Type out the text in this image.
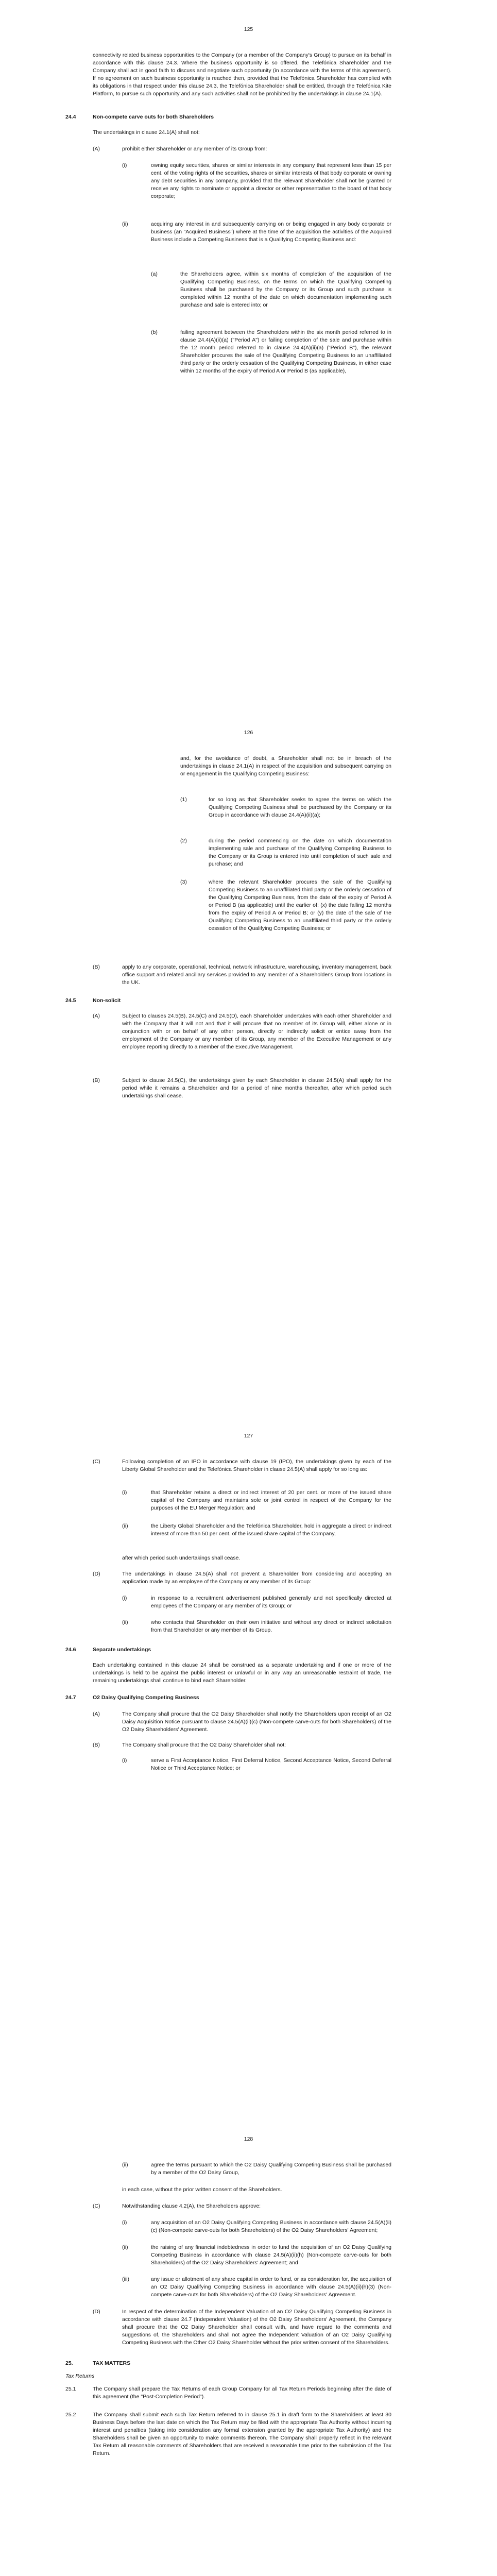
125

connectivity related business opportunities to the Company (or a member of the Company's Group) to pursue on its behalf in accordance with this clause 24.3. Where the business opportunity is so offered, the Telefónica Shareholder and the Company shall act in good faith to discuss and negotiate such opportunity (in accordance with the terms of this agreement). If no agreement on such business opportunity is reached then, provided that the Telefónica Shareholder has complied with its obligations in that respect under this clause 24.3, the Telefónica Shareholder shall be entitled, through the Telefónica Kite Platform, to pursue such opportunity and any such activities shall not be prohibited by the undertakings in clause 24.1(A).

24.4	Non-compete carve outs for both Shareholders

The undertakings in clause 24.1(A) shall not:

(A)	prohibit either Shareholder or any member of its Group from:

(i)	owning equity securities, shares or similar interests in any company that represent less than 15 per cent. of the voting rights of the securities, shares or similar interests of that body corporate or owning any debt securities in any company, provided that the relevant Shareholder shall not be granted or receive any rights to nominate or appoint a director or other representative to the board of that body corporate;

(ii)	acquiring any interest in and subsequently carrying on or being engaged in any body corporate or business (an "Acquired Business") where at the time of the acquisition the activities of the Acquired Business include a Competing Business that is a Qualifying Competing Business and:

(a)	the Shareholders agree, within six months of completion of the acquisition of the Qualifying Competing Business, on the terms on which the Qualifying Competing Business shall be purchased by the Company or its Group and such purchase is completed within 12 months of the date on which documentation implementing such purchase and sale is entered into; or

(b)	failing agreement between the Shareholders within the six month period referred to in clause 24.4(A)(ii)(a) ("Period A") or failing completion of the sale and purchase within the 12 month period referred to in clause 24.4(A)(ii)(a) ("Period B"), the relevant Shareholder procures the sale of the Qualifying Competing Business to an unaffiliated third party or the orderly cessation of the Qualifying Competing Business, in either case within 12 months of the expiry of Period A or Period B (as applicable),

126

and, for the avoidance of doubt, a Shareholder shall not be in breach of the undertakings in clause 24.1(A) in respect of the acquisition and subsequent carrying on or engagement in the Qualifying Competing Business:

(1)	for so long as that Shareholder seeks to agree the terms on which the Qualifying Competing Business shall be purchased by the Company or its Group in accordance with clause 24.4(A)(ii)(a);

(2)	during the period commencing on the date on which documentation implementing sale and purchase of the Qualifying Competing Business to the Company or its Group is entered into until completion of such sale and purchase; and

(3)	where the relevant Shareholder procures the sale of the Qualifying Competing Business to an unaffiliated third party or the orderly cessation of the Qualifying Competing Business, from the date of the expiry of Period A or Period B (as applicable) until the earlier of: (x) the date falling 12 months from the expiry of Period A or Period B; or (y) the date of the sale of the Qualifying Competing Business to an unaffiliated third party or the orderly cessation of the Qualifying Competing Business; or

(B)	apply to any corporate, operational, technical, network infrastructure, warehousing, inventory management, back office support and related ancillary services provided to any member of a Shareholder's Group from locations in the UK.

24.5	Non-solicit
(A)	Subject to clauses 24.5(B), 24.5(C) and 24.5(D), each Shareholder undertakes with each other Shareholder and with the Company that it will not and that it will procure that no member of its Group will, either alone or in conjunction with or on behalf of any other person, directly or indirectly solicit or entice away from the employment of the Company or any member of its Group, any member of the Executive Management or any employee reporting directly to a member of the Executive Management.

(B)	Subject to clause 24.5(C), the undertakings given by each Shareholder in clause 24.5(A) shall apply for the period while it remains a Shareholder and for a period of nine months thereafter, after which period such undertakings shall cease.

127
(C)	Following completion of an IPO in accordance with clause 19 (IPO), the undertakings given by each of the Liberty Global Shareholder and the Telefónica Shareholder in clause 24.5(A) shall apply for so long as:

(i)	that Shareholder retains a direct or indirect interest of 20 per cent. or more of the issued share capital of the Company and maintains sole or joint control in respect of the Company for the purposes of the EU Merger Regulation; and

(ii)	the Liberty Global Shareholder and the Telefónica Shareholder, hold in aggregate a direct or indirect interest of more than 50 per cent. of the issued share capital of the Company,

after which period such undertakings shall cease.

(D)	The undertakings in clause 24.5(A) shall not prevent a Shareholder from considering and accepting an application made by an employee of the Company or any member of its Group:

(i)	in response to a recruitment advertisement published generally and not specifically directed at employees of the Company or any member of its Group; or

(ii)	who contacts that Shareholder on their own initiative and without any direct or indirect solicitation from that Shareholder or any member of its Group.

24.6	Separate undertakings

Each undertaking contained in this clause 24 shall be construed as a separate undertaking and if one or more of the undertakings is held to be against the public interest or unlawful or in any way an unreasonable restraint of trade, the remaining undertakings shall continue to bind each Shareholder.

24.7	O2 Daisy Qualifying Competing Business
(A)	The Company shall procure that the O2 Daisy Shareholder shall notify the Shareholders upon receipt of an O2 Daisy Acquisition Notice pursuant to clause 24.5(A)(ii)(c) (Non-compete carve-outs for both Shareholders) of the O2 Daisy Shareholders' Agreement.

(B)	The Company shall procure that the O2 Daisy Shareholder shall not:

(i)	serve a First Acceptance Notice, First Deferral Notice, Second Acceptance Notice, Second Deferral Notice or Third Acceptance Notice; or

128
(ii)	agree the terms pursuant to which the O2 Daisy Qualifying Competing Business shall be purchased by a member of the O2 Daisy Group,

in each case, without the prior written consent of the Shareholders.

(C)	Notwithstanding clause 4.2(A), the Shareholders approve:

(i)	any acquisition of an O2 Daisy Qualifying Competing Business in accordance with clause 24.5(A)(ii)(c) (Non-compete carve-outs for both Shareholders) of the O2 Daisy Shareholders' Agreement;

(ii)	the raising of any financial indebtedness in order to fund the acquisition of an O2 Daisy Qualifying Competing Business in accordance with clause 24.5(A)(ii)(h) (Non-compete carve-outs for both Shareholders) of the O2 Daisy Shareholders' Agreement; and

(iii)	any issue or allotment of any share capital in order to fund, or as consideration for, the acquisition of an O2 Daisy Qualifying Competing Business in accordance with clause 24.5(A)(ii)(h)(3) (Non-compete carve-outs for both Shareholders) of the O2 Daisy Shareholders' Agreement.

(D)	In respect of the determination of the Independent Valuation of an O2 Daisy Qualifying Competing Business in accordance with clause 24.7 (Independent Valuation) of the O2 Daisy Shareholders' Agreement, the Company shall procure that the O2 Daisy Shareholder shall consult with, and have regard to the comments and suggestions of, the Shareholders and shall not agree the Independent Valuation of an O2 Daisy Qualifying Competing Business with the Other O2 Daisy Shareholder without the prior written consent of the Shareholders.

25.	TAX MATTERS
Tax Returns
25.1	The Company shall prepare the Tax Returns of each Group Company for all Tax Return Periods beginning after the date of this agreement (the "Post-Completion Period").

25.2	The Company shall submit each such Tax Return referred to in clause 25.1 in draft form to the Shareholders at least 30 Business Days before the last date on which the Tax Return may be filed with the appropriate Tax Authority without incurring interest and penalties (taking into consideration any formal extension granted by the appropriate Tax Authority) and the Shareholders shall be given an opportunity to make comments thereon. The Company shall properly reflect in the relevant Tax Return all reasonable comments of Shareholders that are received a reasonable time prior to the submission of the Tax Return.
